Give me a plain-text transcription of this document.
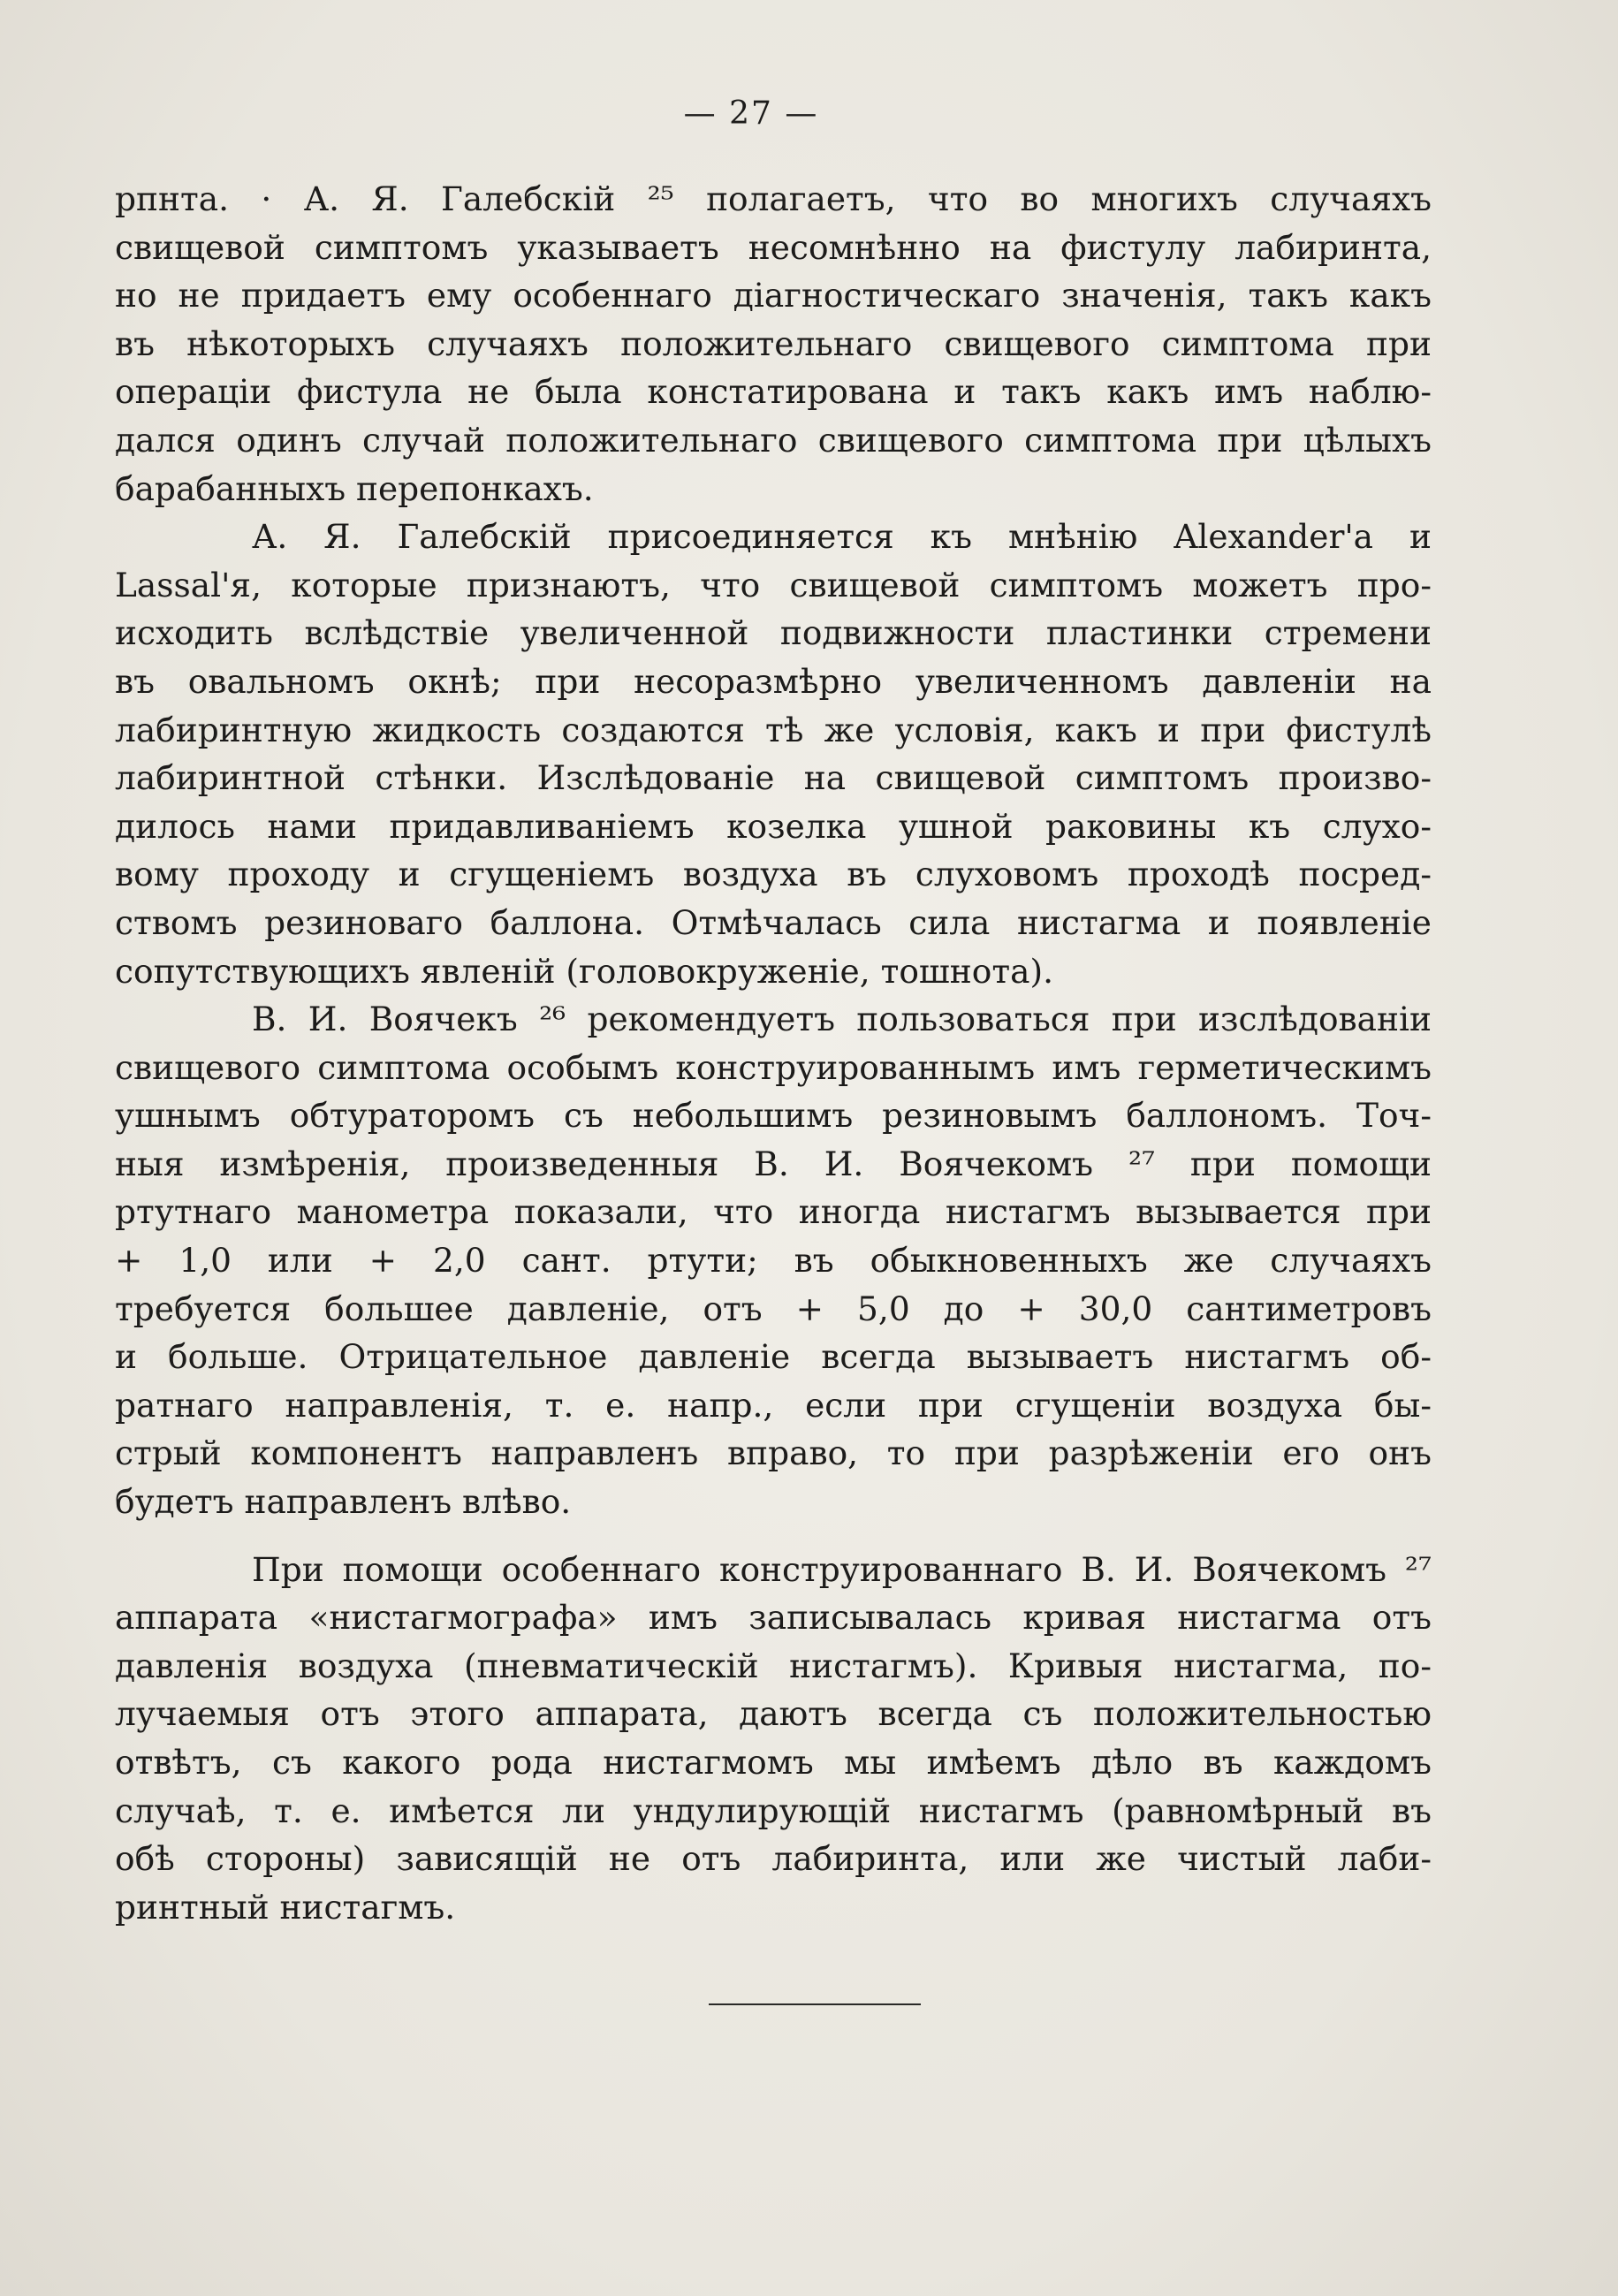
— 27 —
рпнта. · А. Я. Галебскій ²⁵ полагаетъ, что во многихъ случаяхъ
свищевой симптомъ указываетъ несомнѣнно на фистулу лабиринта,
но не придаетъ ему особеннаго діагностическаго значенія, такъ какъ
въ нѣкоторыхъ случаяхъ положительнаго свищевого симптома при
операціи фистула не была констатирована и такъ какъ имъ наблю-
дался одинъ случай положительнаго свищевого симптома при цѣлыхъ
барабанныхъ перепонкахъ.
А. Я. Галебскій присоединяется къ мнѣнію Alexander'а и
Lassal'я, которые признаютъ, что свищевой симптомъ можетъ про-
исходить вслѣдствіе увеличенной подвижности пластинки стремени
въ овальномъ окнѣ; при несоразмѣрно увеличенномъ давленіи на
лабиринтную жидкость создаются тѣ же условія, какъ и при фистулѣ
лабиринтной стѣнки. Изслѣдованіе на свищевой симптомъ произво-
дилось нами придавливаніемъ козелка ушной раковины къ слухо-
вому проходу и сгущеніемъ воздуха въ слуховомъ проходѣ посред-
ствомъ резиноваго баллона. Отмѣчалась сила нистагма и появленіе
сопутствующихъ явленій (головокруженіе, тошнота).
В. И. Воячекъ ²⁶ рекомендуетъ пользоваться при изслѣдованіи
свищевого симптома особымъ конструированнымъ имъ герметическимъ
ушнымъ обтураторомъ съ небольшимъ резиновымъ баллономъ. Точ-
ныя измѣренія, произведенныя В. И. Воячекомъ ²⁷ при помощи
ртутнаго манометра показали, что иногда нистагмъ вызывается при
+ 1,0 или + 2,0 сант. ртути; въ обыкновенныхъ же случаяхъ
требуется большее давленіе, отъ + 5,0 до + 30,0 сантиметровъ
и больше. Отрицательное давленіе всегда вызываетъ нистагмъ об-
ратнаго направленія, т. е. напр., если при сгущеніи воздуха бы-
стрый компонентъ направленъ вправо, то при разрѣженіи его онъ
будетъ направленъ влѣво.
При помощи особеннаго конструированнаго В. И. Воячекомъ ²⁷
аппарата «нистагмографа» имъ записывалась кривая нистагма отъ
давленія воздуха (пневматическій нистагмъ). Кривыя нистагма, по-
лучаемыя отъ этого аппарата, даютъ всегда съ положительностью
отвѣтъ, съ какого рода нистагмомъ мы имѣемъ дѣло въ каждомъ
случаѣ, т. е. имѣется ли ундулирующій нистагмъ (равномѣрный въ
обѣ стороны) зависящій не отъ лабиринта, или же чистый лаби-
ринтный нистагмъ.
